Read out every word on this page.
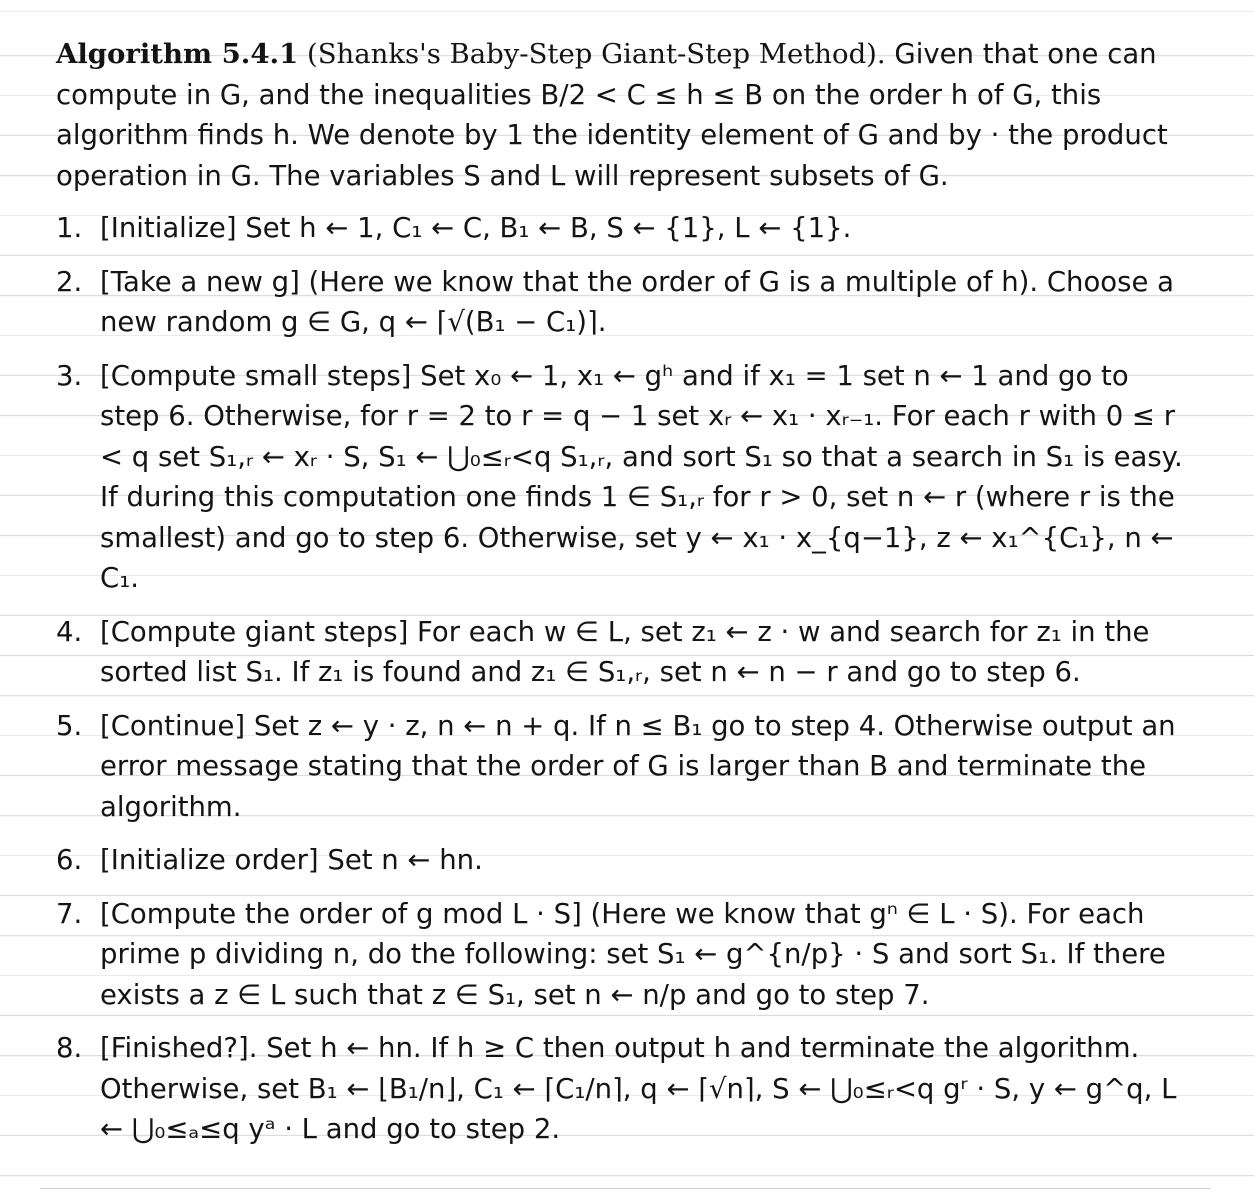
Algorithm 5.4.1 (Shanks's Baby-Step Giant-Step Method). Given that one can compute in G, and the inequalities B/2 < C ≤ h ≤ B on the order h of G, this algorithm finds h. We denote by 1 the identity element of G and by · the product operation in G. The variables S and L will represent subsets of G.
1. [Initialize] Set h ← 1, C₁ ← C, B₁ ← B, S ← {1}, L ← {1}.
2. [Take a new g] (Here we know that the order of G is a multiple of h). Choose a new random g ∈ G, q ← ⌈√(B₁ − C₁)⌉.
3. [Compute small steps] Set x₀ ← 1, x₁ ← gʰ and if x₁ = 1 set n ← 1 and go to step 6. Otherwise, for r = 2 to r = q − 1 set xᵣ ← x₁ · xᵣ₋₁. For each r with 0 ≤ r < q set S₁,ᵣ ← xᵣ · S, S₁ ← ⋃₀≤ᵣ<q S₁,ᵣ, and sort S₁ so that a search in S₁ is easy. If during this computation one finds 1 ∈ S₁,ᵣ for r > 0, set n ← r (where r is the smallest) and go to step 6. Otherwise, set y ← x₁ · x_{q−1}, z ← x₁^{C₁}, n ← C₁.
4. [Compute giant steps] For each w ∈ L, set z₁ ← z · w and search for z₁ in the sorted list S₁. If z₁ is found and z₁ ∈ S₁,ᵣ, set n ← n − r and go to step 6.
5. [Continue] Set z ← y · z, n ← n + q. If n ≤ B₁ go to step 4. Otherwise output an error message stating that the order of G is larger than B and terminate the algorithm.
6. [Initialize order] Set n ← hn.
7. [Compute the order of g mod L · S] (Here we know that gⁿ ∈ L · S). For each prime p dividing n, do the following: set S₁ ← g^{n/p} · S and sort S₁. If there exists a z ∈ L such that z ∈ S₁, set n ← n/p and go to step 7.
8. [Finished?]. Set h ← hn. If h ≥ C then output h and terminate the algorithm. Otherwise, set B₁ ← ⌊B₁/n⌋, C₁ ← ⌈C₁/n⌉, q ← ⌈√n⌉, S ← ⋃₀≤ᵣ<q gʳ · S, y ← g^q, L ← ⋃₀≤ₐ≤q yᵃ · L and go to step 2.
